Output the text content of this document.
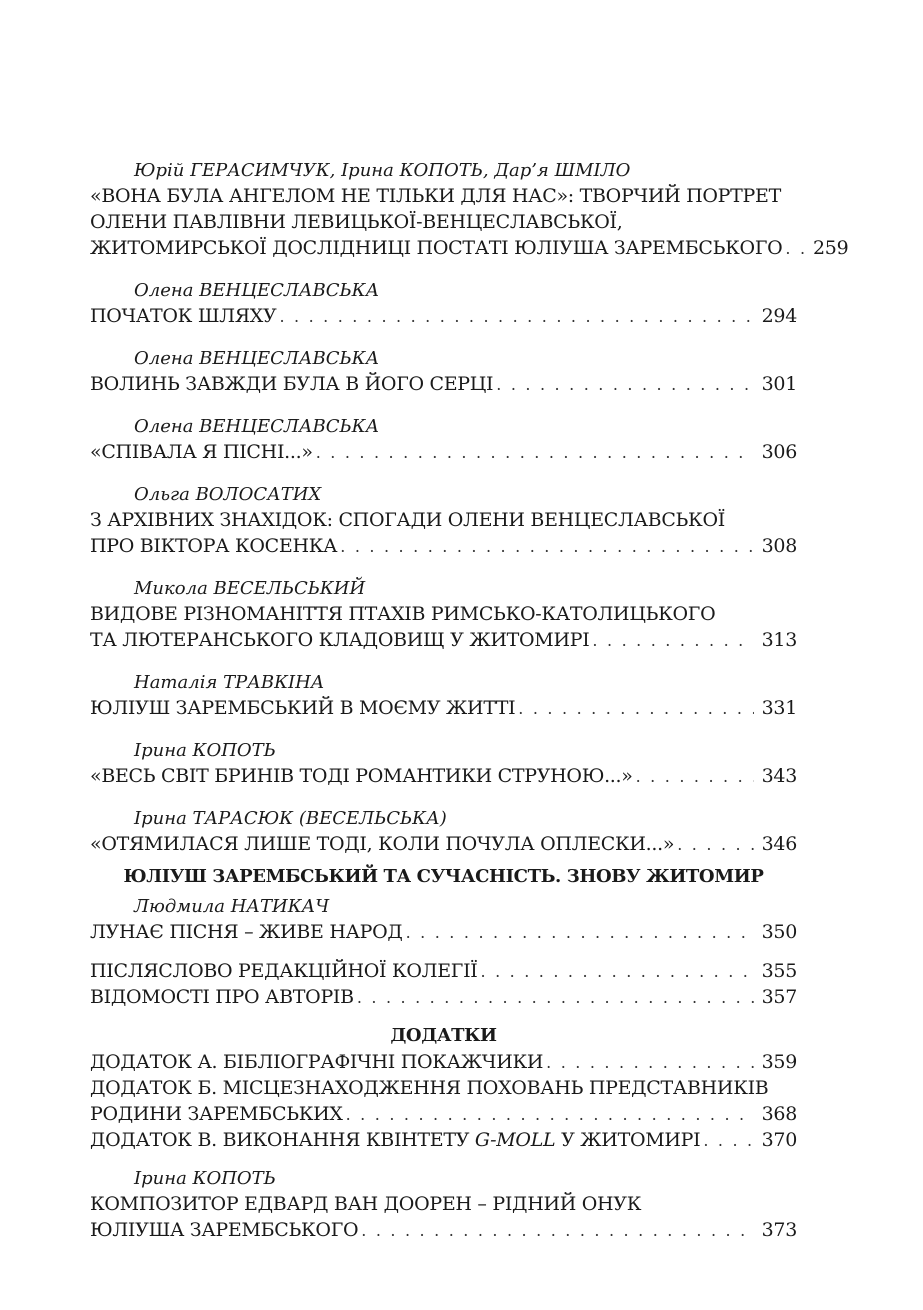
Юрій ГЕРАСИМЧУК, Ірина КОПОТЬ, Дар’я ШМІЛО
«ВОНА БУЛА АНГЕЛОМ НЕ ТІЛЬКИ ДЛЯ НАС»: ТВОРЧИЙ ПОРТРЕТ
ОЛЕНИ ПАВЛІВНИ ЛЕВИЦЬКОЇ-ВЕНЦЕСЛАВСЬКОЇ,
ЖИТОМИРСЬКОЇ ДОСЛІДНИЦІ ПОСТАТІ ЮЛІУША ЗАРЕМБСЬКОГО . . . 259
Олена ВЕНЦЕСЛАВСЬКА
ПОЧАТОК ШЛЯХУ . . .	294
Олена ВЕНЦЕСЛАВСЬКА
ВОЛИНЬ ЗАВЖДИ БУЛА В ЙОГО СЕРЦІ . . .	301
Олена ВЕНЦЕСЛАВСЬКА
«СПІВАЛА Я ПІСНІ...» . . .	306
Ольга ВОЛОСАТИХ
З АРХІВНИХ ЗНАХІДОК: СПОГАДИ ОЛЕНИ ВЕНЦЕСЛАВСЬКОЇ
ПРО ВІКТОРА КОСЕНКА . . .	308
Микола ВЕСЕЛЬСЬКИЙ
ВИДОВЕ РІЗНОМАНІТТЯ ПТАХІВ РИМСЬКО-КАТОЛИЦЬКОГО
ТА ЛЮТЕРАНСЬКОГО КЛАДОВИЩ У ЖИТОМИРІ . . .	313
Наталія ТРАВКІНА
ЮЛІУШ ЗАРЕМБСЬКИЙ В МОЄМУ ЖИТТІ . . .	331
Ірина КОПОТЬ
«ВЕСЬ СВІТ БРИНІВ ТОДІ РОМАНТИКИ СТРУНОЮ...» . . .	343
Ірина ТАРАСЮК (ВЕСЕЛЬСЬКА)
«ОТЯМИЛАСЯ ЛИШЕ ТОДІ, КОЛИ ПОЧУЛА ОПЛЕСКИ...» . . .	346
ЮЛІУШ ЗАРЕМБСЬКИЙ ТА СУЧАСНІСТЬ. ЗНОВУ ЖИТОМИР
Людмила НАТИКАЧ
ЛУНАЄ ПІСНЯ – ЖИВЕ НАРОД . . .	350
ПІСЛЯСЛОВО РЕДАКЦІЙНОЇ КОЛЕГІЇ . . .	355
ВІДОМОСТІ ПРО АВТОРІВ . . .	357
ДОДАТКИ
ДОДАТОК А. БІБЛІОГРАФІЧНІ ПОКАЖЧИКИ . . .	359
ДОДАТОК Б. МІСЦЕЗНАХОДЖЕННЯ ПОХОВАНЬ ПРЕДСТАВНИКІВ
РОДИНИ ЗАРЕМБСЬКИХ . . .	368
ДОДАТОК В. ВИКОНАННЯ КВІНТЕТУ G-MOLL У ЖИТОМИРІ . . .	370
Ірина КОПОТЬ
КОМПОЗИТОР ЕДВАРД ВАН ДООРЕН – РІДНИЙ ОНУК
ЮЛІУША ЗАРЕМБСЬКОГО . . .	373
